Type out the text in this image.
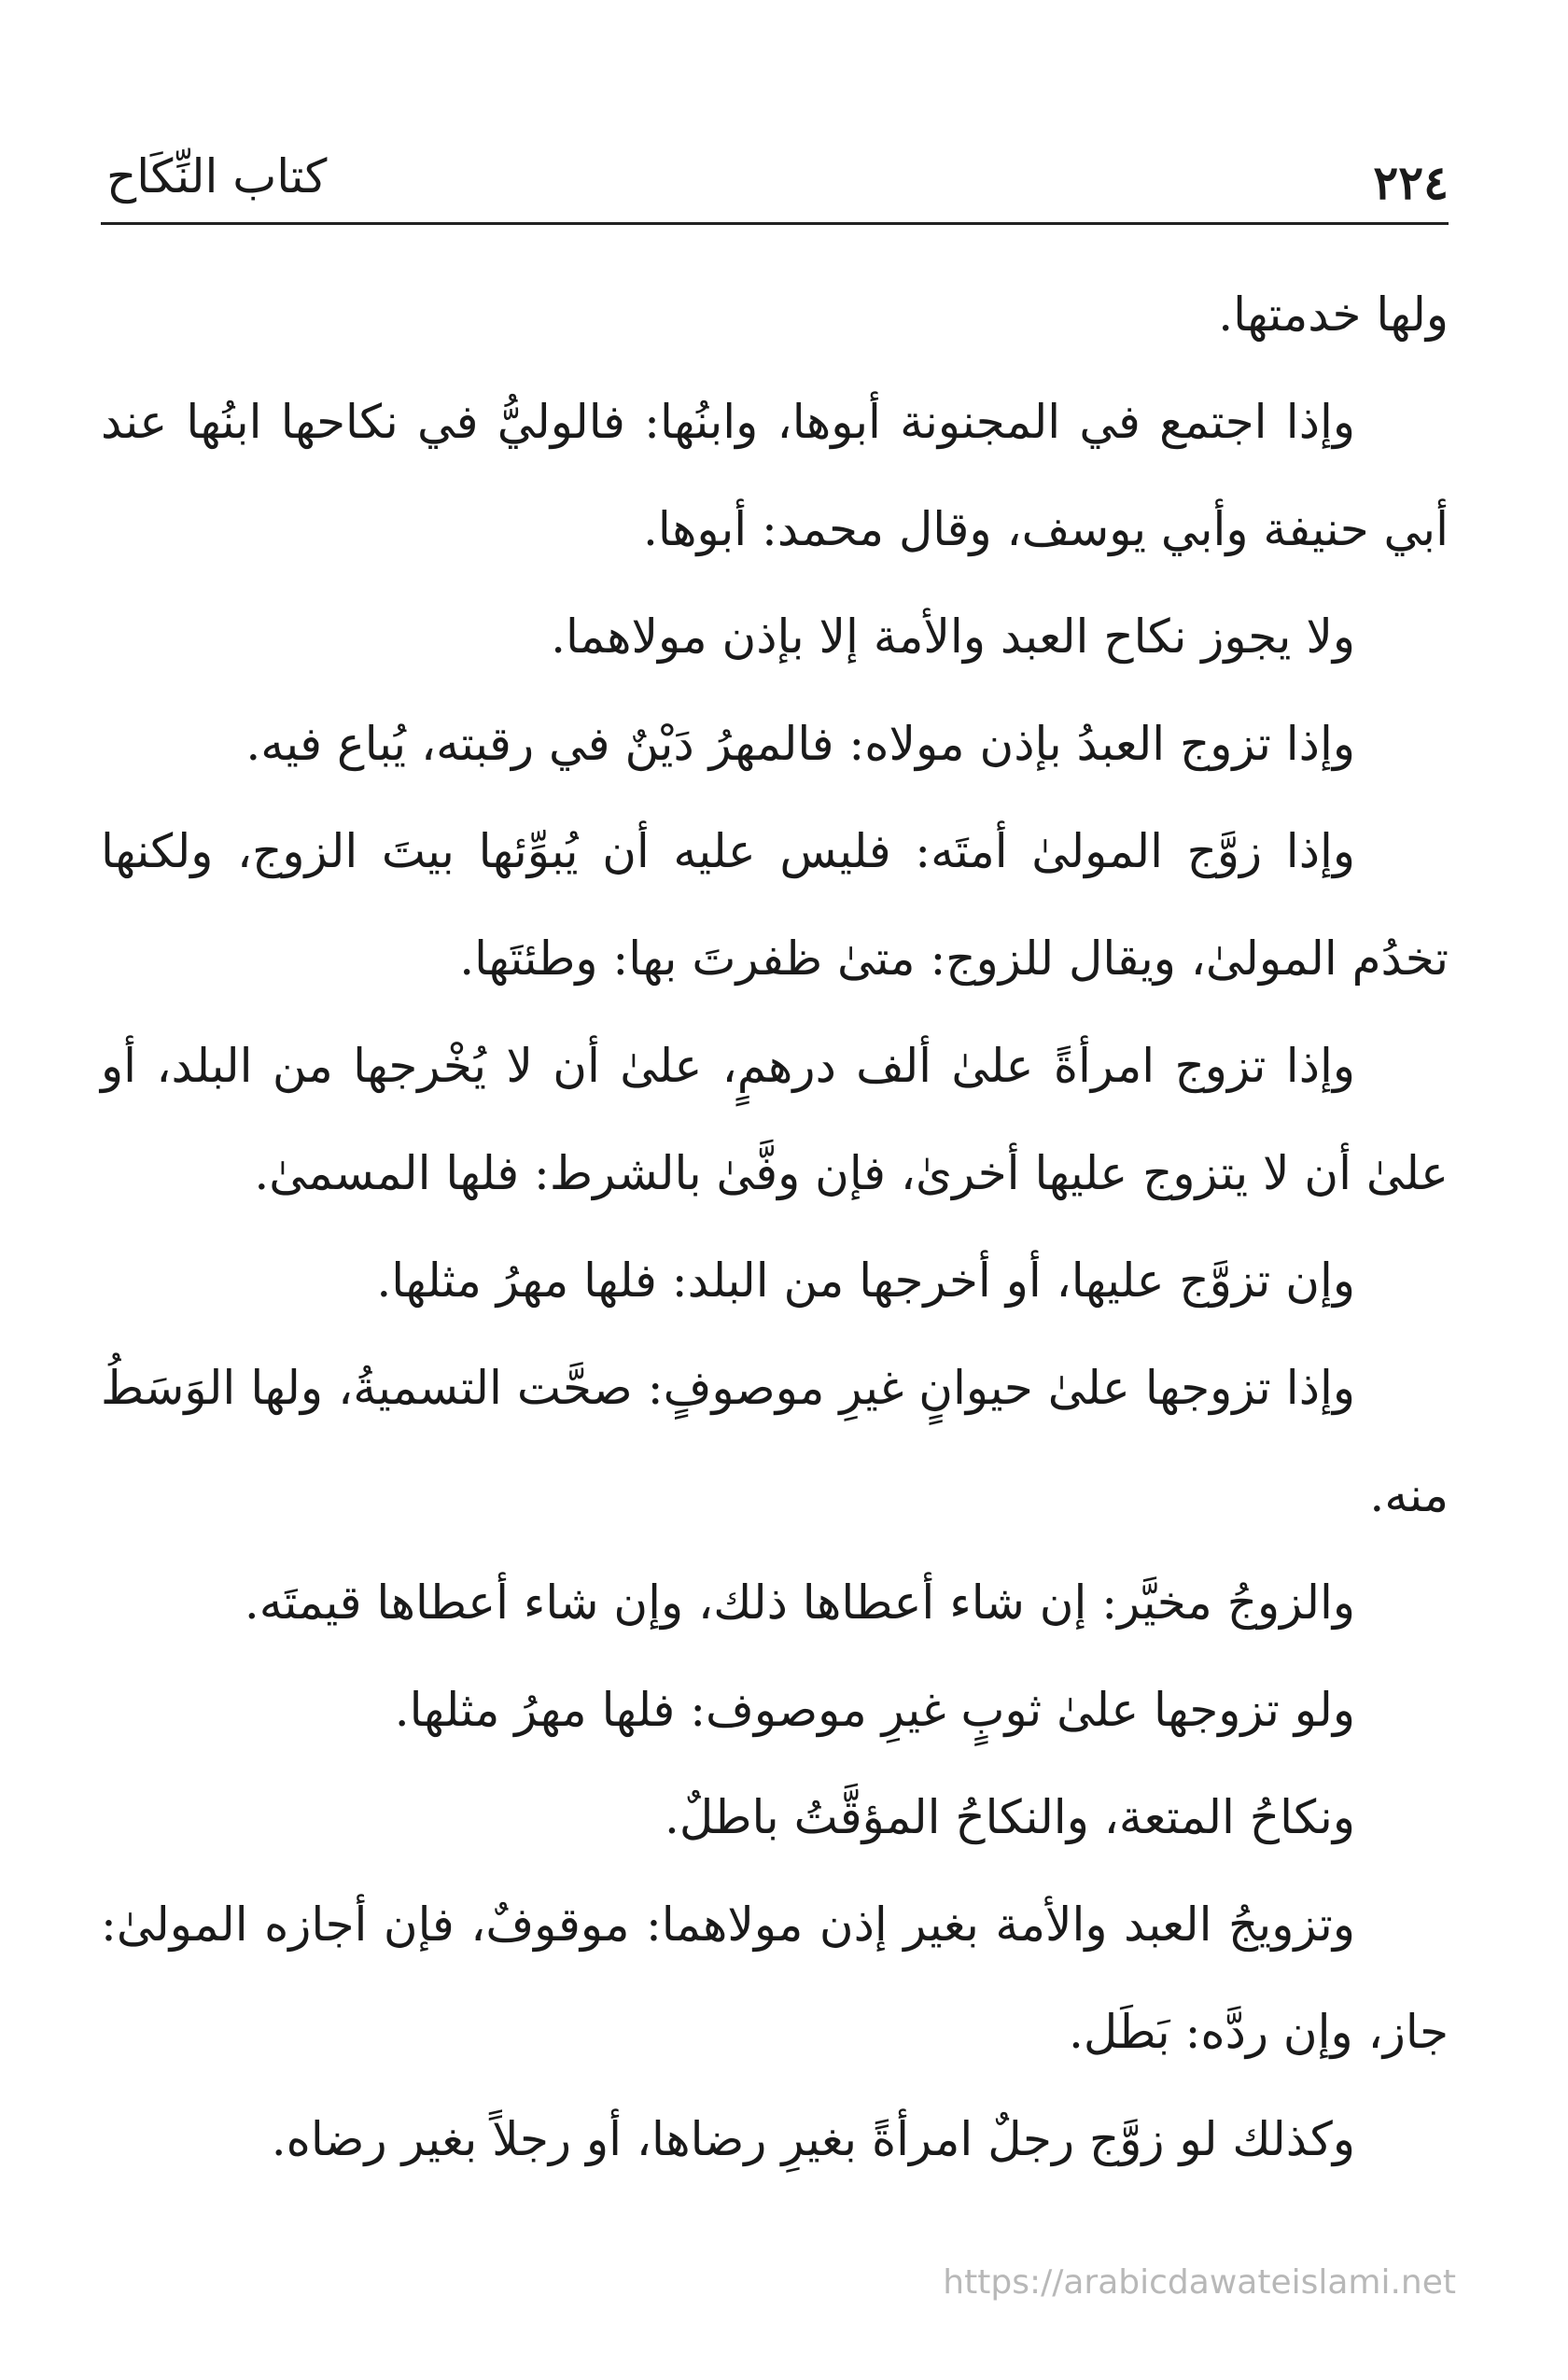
٢٢٤
كتاب النِّكَاح

ولها خدمتها.

وإذا اجتمع في المجنونة أبوها، وابنُها: فالوليُّ في نكاحها ابنُها عند أبي حنيفة وأبي يوسف، وقال محمد: أبوها.

ولا يجوز نكاح العبد والأمة إلا بإذن مولاهما.

وإذا تزوج العبدُ بإذن مولاه: فالمهرُ دَيْنٌ في رقبته، يُباع فيه.

وإذا زوَّج المولىٰ أمتَه: فليس عليه أن يُبوِّئها بيتَ الزوج، ولكنها تخدُم المولىٰ، ويقال للزوج: متىٰ ظفرتَ بها: وطئتَها.

وإذا تزوج امرأةً علىٰ ألف درهمٍ، علىٰ أن لا يُخْرجها من البلد، أو علىٰ أن لا يتزوج عليها أخرىٰ، فإن وفَّىٰ بالشرط: فلها المسمىٰ.

وإن تزوَّج عليها، أو أخرجها من البلد: فلها مهرُ مثلها.

وإذا تزوجها علىٰ حيوانٍ غيرِ موصوفٍ: صحَّت التسميةُ، ولها الوَسَطُ منه.

والزوجُ مخيَّر: إن شاء أعطاها ذلك، وإن شاء أعطاها قيمتَه.

ولو تزوجها علىٰ ثوبٍ غيرِ موصوف: فلها مهرُ مثلها.

ونكاحُ المتعة، والنكاحُ المؤقَّتُ باطلٌ.

وتزويجُ العبد والأمة بغير إذن مولاهما: موقوفٌ، فإن أجازه المولىٰ: جاز، وإن ردَّه: بَطَل.

وكذلك لو زوَّج رجلٌ امرأةً بغيرِ رضاها، أو رجلاً بغير رضاه.

https://arabicdawateislami.net
